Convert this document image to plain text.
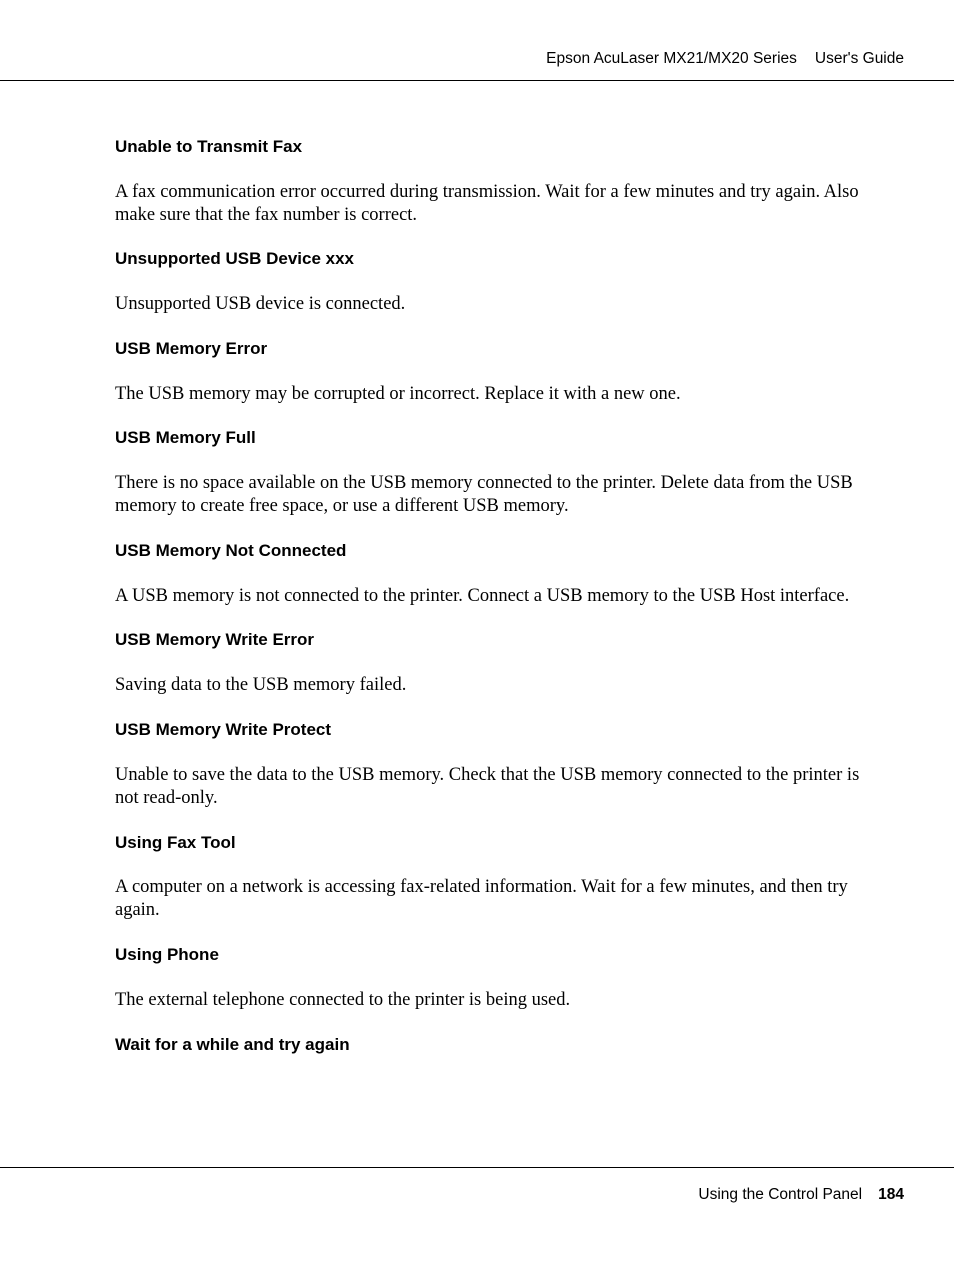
Epson AcuLaser MX21/MX20 Series User's Guide
Unable to Transmit Fax
A fax communication error occurred during transmission. Wait for a few minutes and try again. Also make sure that the fax number is correct.
Unsupported USB Device xxx
Unsupported USB device is connected.
USB Memory Error
The USB memory may be corrupted or incorrect. Replace it with a new one.
USB Memory Full
There is no space available on the USB memory connected to the printer. Delete data from the USB memory to create free space, or use a different USB memory.
USB Memory Not Connected
A USB memory is not connected to the printer. Connect a USB memory to the USB Host interface.
USB Memory Write Error
Saving data to the USB memory failed.
USB Memory Write Protect
Unable to save the data to the USB memory. Check that the USB memory connected to the printer is not read-only.
Using Fax Tool
A computer on a network is accessing fax-related information. Wait for a few minutes, and then try again.
Using Phone
The external telephone connected to the printer is being used.
Wait for a while and try again
Using the Control Panel 184
